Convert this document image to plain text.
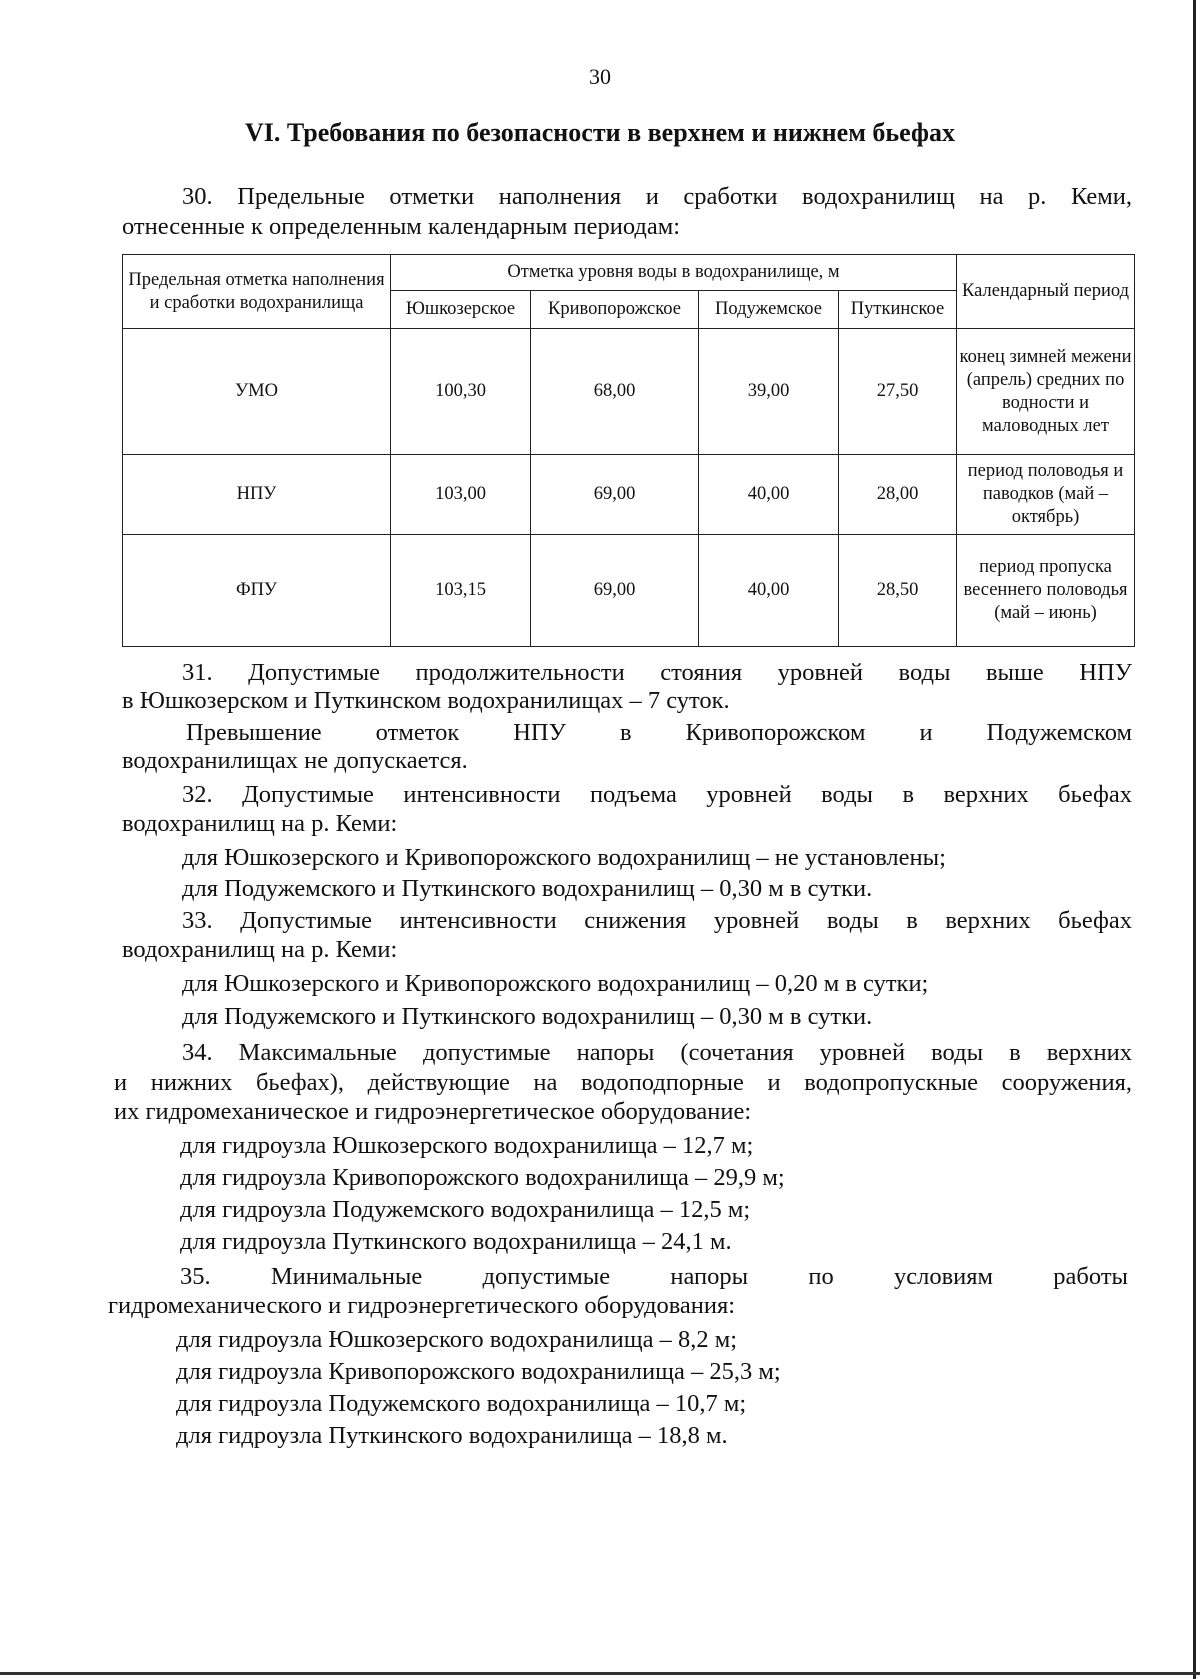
30
VI. Требования по безопасности в верхнем и нижнем бьефах
30. Предельные отметки наполнения и сработки водохранилищ на р. Кеми,
отнесенные к определенным календарным периодам:
Предельная отметка наполнения и сработки водохранилища	Отметка уровня воды в водохранилище, м				Календарный период
	Юшкозерское	Кривопорожское	Подужемское	Путкинское	
УМО	100,30	68,00	39,00	27,50	конец зимней межени (апрель) средних по водности и маловодных лет
НПУ	103,00	69,00	40,00	28,00	период половодья и паводков (май – октябрь)
ФПУ	103,15	69,00	40,00	28,50	период пропуска весеннего половодья (май – июнь)
31. Допустимые продолжительности стояния уровней воды выше НПУ
в Юшкозерском и Путкинском водохранилищах – 7 суток.
Превышение отметок НПУ в Кривопорожском и Подужемском
водохранилищах не допускается.
32. Допустимые интенсивности подъема уровней воды в верхних бьефах
водохранилищ на р. Кеми:
для Юшкозерского и Кривопорожского водохранилищ – не установлены;
для Подужемского и Путкинского водохранилищ – 0,30 м в сутки.
33. Допустимые интенсивности снижения уровней воды в верхних бьефах
водохранилищ на р. Кеми:
для Юшкозерского и Кривопорожского водохранилищ – 0,20 м в сутки;
для Подужемского и Путкинского водохранилищ – 0,30 м в сутки.
34. Максимальные допустимые напоры (сочетания уровней воды в верхних
и нижних бьефах), действующие на водоподпорные и водопропускные сооружения,
их гидромеханическое и гидроэнергетическое оборудование:
для гидроузла Юшкозерского водохранилища – 12,7 м;
для гидроузла Кривопорожского водохранилища – 29,9 м;
для гидроузла Подужемского водохранилища – 12,5 м;
для гидроузла Путкинского водохранилища – 24,1 м.
35. Минимальные допустимые напоры по условиям работы
гидромеханического и гидроэнергетического оборудования:
для гидроузла Юшкозерского водохранилища – 8,2 м;
для гидроузла Кривопорожского водохранилища – 25,3 м;
для гидроузла Подужемского водохранилища – 10,7 м;
для гидроузла Путкинского водохранилища – 18,8 м.
